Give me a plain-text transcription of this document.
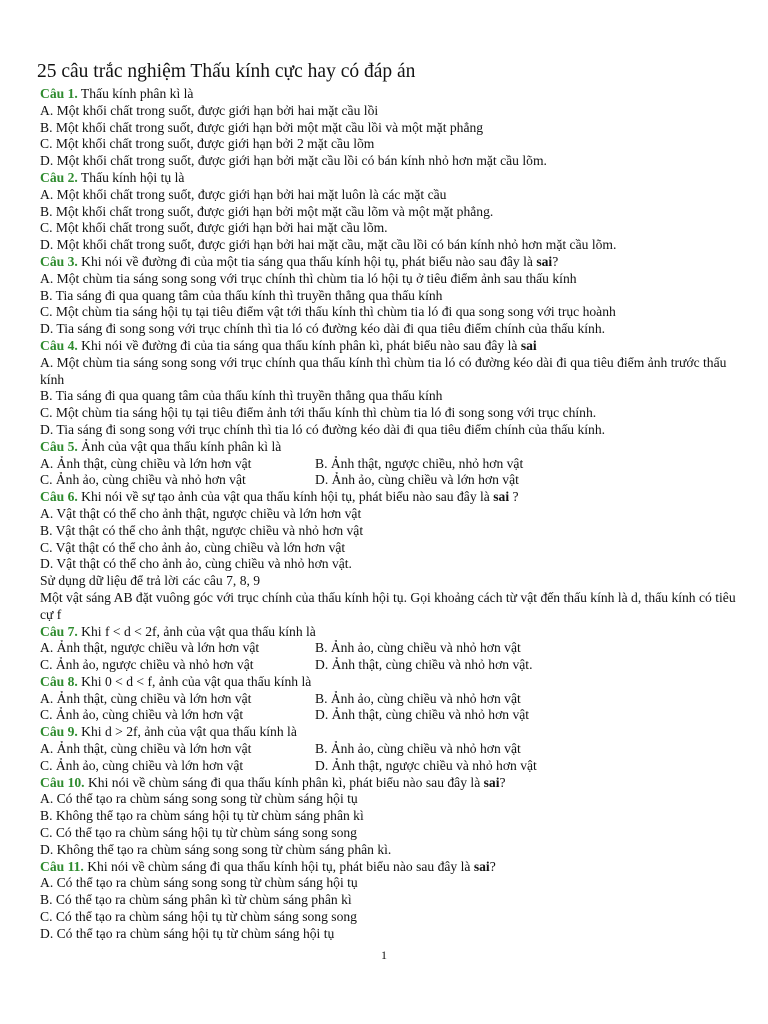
25 câu trắc nghiệm Thấu kính cực hay có đáp án
Câu 1. Thấu kính phân kì là
A. Một khối chất trong suốt, được giới hạn bởi hai mặt cầu lồi
B. Một khối chất trong suốt, được giới hạn bởi một mặt cầu lồi và một mặt phẳng
C. Một khối chất trong suốt, được giới hạn bởi 2 mặt cầu lõm
D. Một khối chất trong suốt, được giới hạn bởi mặt cầu lồi có bán kính nhỏ hơn mặt cầu lõm.
Câu 2. Thấu kính hội tụ là
A. Một khối chất trong suốt, được giới hạn bởi hai mặt luôn là các mặt cầu
B. Một khối chất trong suốt, được giới hạn bởi một mặt cầu lõm và một mặt phẳng.
C. Một khối chất trong suốt, được giới hạn bởi hai mặt cầu lõm.
D. Một khối chất trong suốt, được giới hạn bởi hai mặt cầu, mặt cầu lồi có bán kính nhỏ hơn mặt cầu lõm.
Câu 3. Khi nói về đường đi của một tia sáng qua thấu kính hội tụ, phát biểu nào sau đây là sai?
A. Một chùm tia sáng song song với trục chính thì chùm tia ló hội tụ ở tiêu điểm ảnh sau thấu kính
B. Tia sáng đi qua quang tâm của thấu kính thì truyền thẳng qua thấu kính
C. Một chùm tia sáng hội tụ tại tiêu điểm vật tới thấu kính thì chùm tia ló đi qua song song với trục hoành
D. Tia sáng đi song song với trục chính thì tia ló có đường kéo dài đi qua tiêu điểm chính của thấu kính.
Câu 4. Khi nói về đường đi của tia sáng qua thấu kính phân kì, phát biểu nào sau đây là sai
A. Một chùm tia sáng song song với trục chính qua thấu kính thì chùm tia ló có đường kéo dài đi qua tiêu điểm ảnh trước thấu kính
B. Tia sáng đi qua quang tâm của thấu kính thì truyền thẳng qua thấu kính
C. Một chùm tia sáng hội tụ tại tiêu điểm ảnh tới thấu kính thì chùm tia ló đi song song với trục chính.
D. Tia sáng đi song song với trục chính thì tia ló có đường kéo dài đi qua tiêu điểm chính của thấu kính.
Câu 5. Ảnh của vật qua thấu kính phân kì là
A. Ảnh thật, cùng chiều và lớn hơn vật	B. Ảnh thật, ngược chiều, nhỏ hơn vật
C. Ảnh ảo, cùng chiều và nhỏ hơn vật	D. Ảnh ảo, cùng chiều và lớn hơn vật
Câu 6. Khi nói về sự tạo ảnh của vật qua thấu kính hội tụ, phát biểu nào sau đây là sai ?
A. Vật thật có thể cho ảnh thật, ngược chiều và lớn hơn vật
B. Vật thật có thể cho ảnh thật, ngược chiều và nhỏ hơn vật
C. Vật thật có thể cho ảnh ảo, cùng chiều và lớn hơn vật
D. Vật thật có thể cho ảnh ảo, cùng chiều và nhỏ hơn vật.
Sử dụng dữ liệu để trả lời các câu 7, 8, 9
Một vật sáng AB đặt vuông góc với trục chính của thấu kính hội tụ. Gọi khoảng cách từ vật đến thấu kính là d, thấu kính có tiêu cự f
Câu 7. Khi f < d < 2f, ảnh của vật qua thấu kính là
A. Ảnh thật, ngược chiều và lớn hơn vật	B. Ảnh ảo, cùng chiều và nhỏ hơn vật
C. Ảnh ảo, ngược chiều và nhỏ hơn vật	D. Ảnh thật, cùng chiều và nhỏ hơn vật.
Câu 8. Khi 0 < d < f, ảnh của vật qua thấu kính là
A. Ảnh thật, cùng chiều và lớn hơn vật	B. Ảnh ảo, cùng chiều và nhỏ hơn vật
C. Ảnh ảo, cùng chiều và lớn hơn vật	D. Ảnh thật, cùng chiều và nhỏ hơn vật
Câu 9. Khi d > 2f, ảnh của vật qua thấu kính là
A. Ảnh thật, cùng chiều và lớn hơn vật	B. Ảnh ảo, cùng chiều và nhỏ hơn vật
C. Ảnh ảo, cùng chiều và lớn hơn vật	D. Ảnh thật, ngược chiều và nhỏ hơn vật
Câu 10. Khi nói về chùm sáng đi qua thấu kính phân kì, phát biểu nào sau đây là sai?
A. Có thể tạo ra chùm sáng song song từ chùm sáng hội tụ
B. Không thể tạo ra chùm sáng hội tụ từ chùm sáng phân kì
C. Có thể tạo ra chùm sáng hội tụ từ chùm sáng song song
D. Không thể tạo ra chùm sáng song song từ chùm sáng phân kì.
Câu 11. Khi nói về chùm sáng đi qua thấu kính hội tụ, phát biểu nào sau đây là sai?
A. Có thể tạo ra chùm sáng song song từ chùm sáng hội tụ
B. Có thể tạo ra chùm sáng phân kì từ chùm sáng phân kì
C. Có thể tạo ra chùm sáng hội tụ từ chùm sáng song song
D. Có thể tạo ra chùm sáng hội tụ từ chùm sáng hội tụ
1
